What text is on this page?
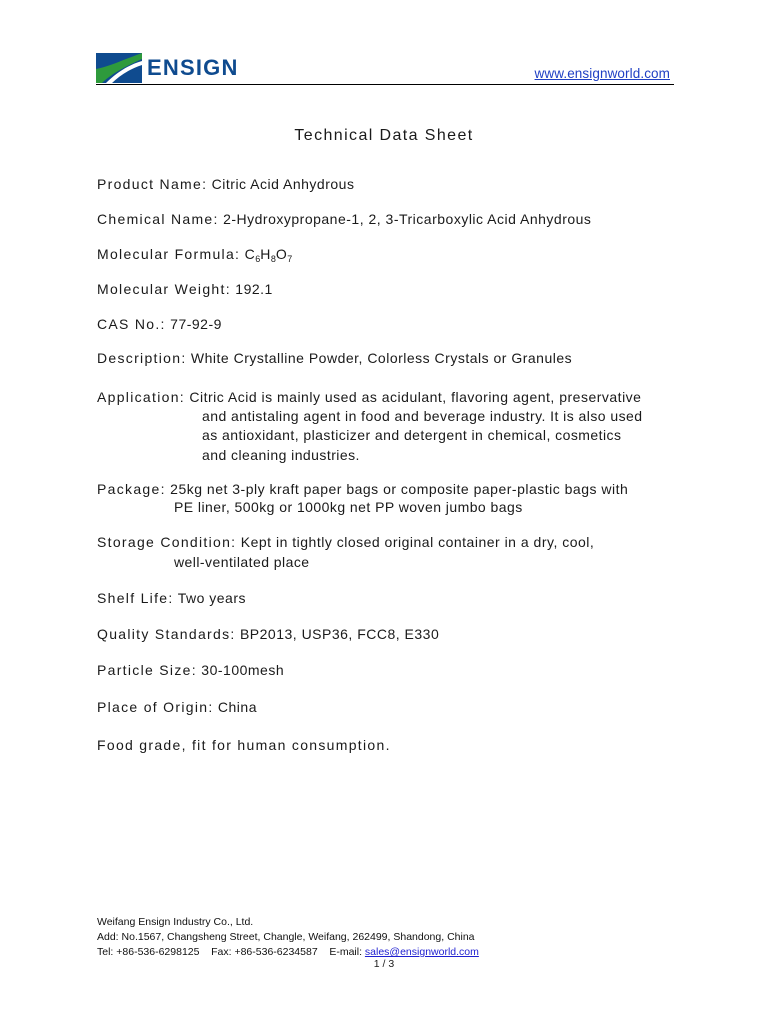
ENSIGN	www.ensignworld.com
Technical Data Sheet
Product Name: Citric Acid Anhydrous
Chemical Name: 2-Hydroxypropane-1, 2, 3-Tricarboxylic Acid Anhydrous
Molecular Formula: $C_6H_8O_7$
Molecular Weight: 192.1
CAS No.: 77-92-9
Description: White Crystalline Powder, Colorless Crystals or Granules
Application: Citric Acid is mainly used as acidulant, flavoring agent, preservative
and antistaling agent in food and beverage industry. It is also used
as antioxidant, plasticizer and detergent in chemical, cosmetics
and cleaning industries.
Package: 25kg net 3-ply kraft paper bags or composite paper-plastic bags with
PE liner, 500kg or 1000kg net PP woven jumbo bags
Storage Condition: Kept in tightly closed original container in a dry, cool,
well-ventilated place
Shelf Life: Two years
Quality Standards: BP2013, USP36, FCC8, E330
Particle Size: 30-100mesh
Place of Origin: China
Food grade, fit for human consumption.
Weifang Ensign Industry Co., Ltd.
Add: No.1567, Changsheng Street, Changle, Weifang, 262499, Shandong, China
Tel: +86-536-6298125    Fax: +86-536-6234587    E-mail: sales@ensignworld.com
1 / 3
